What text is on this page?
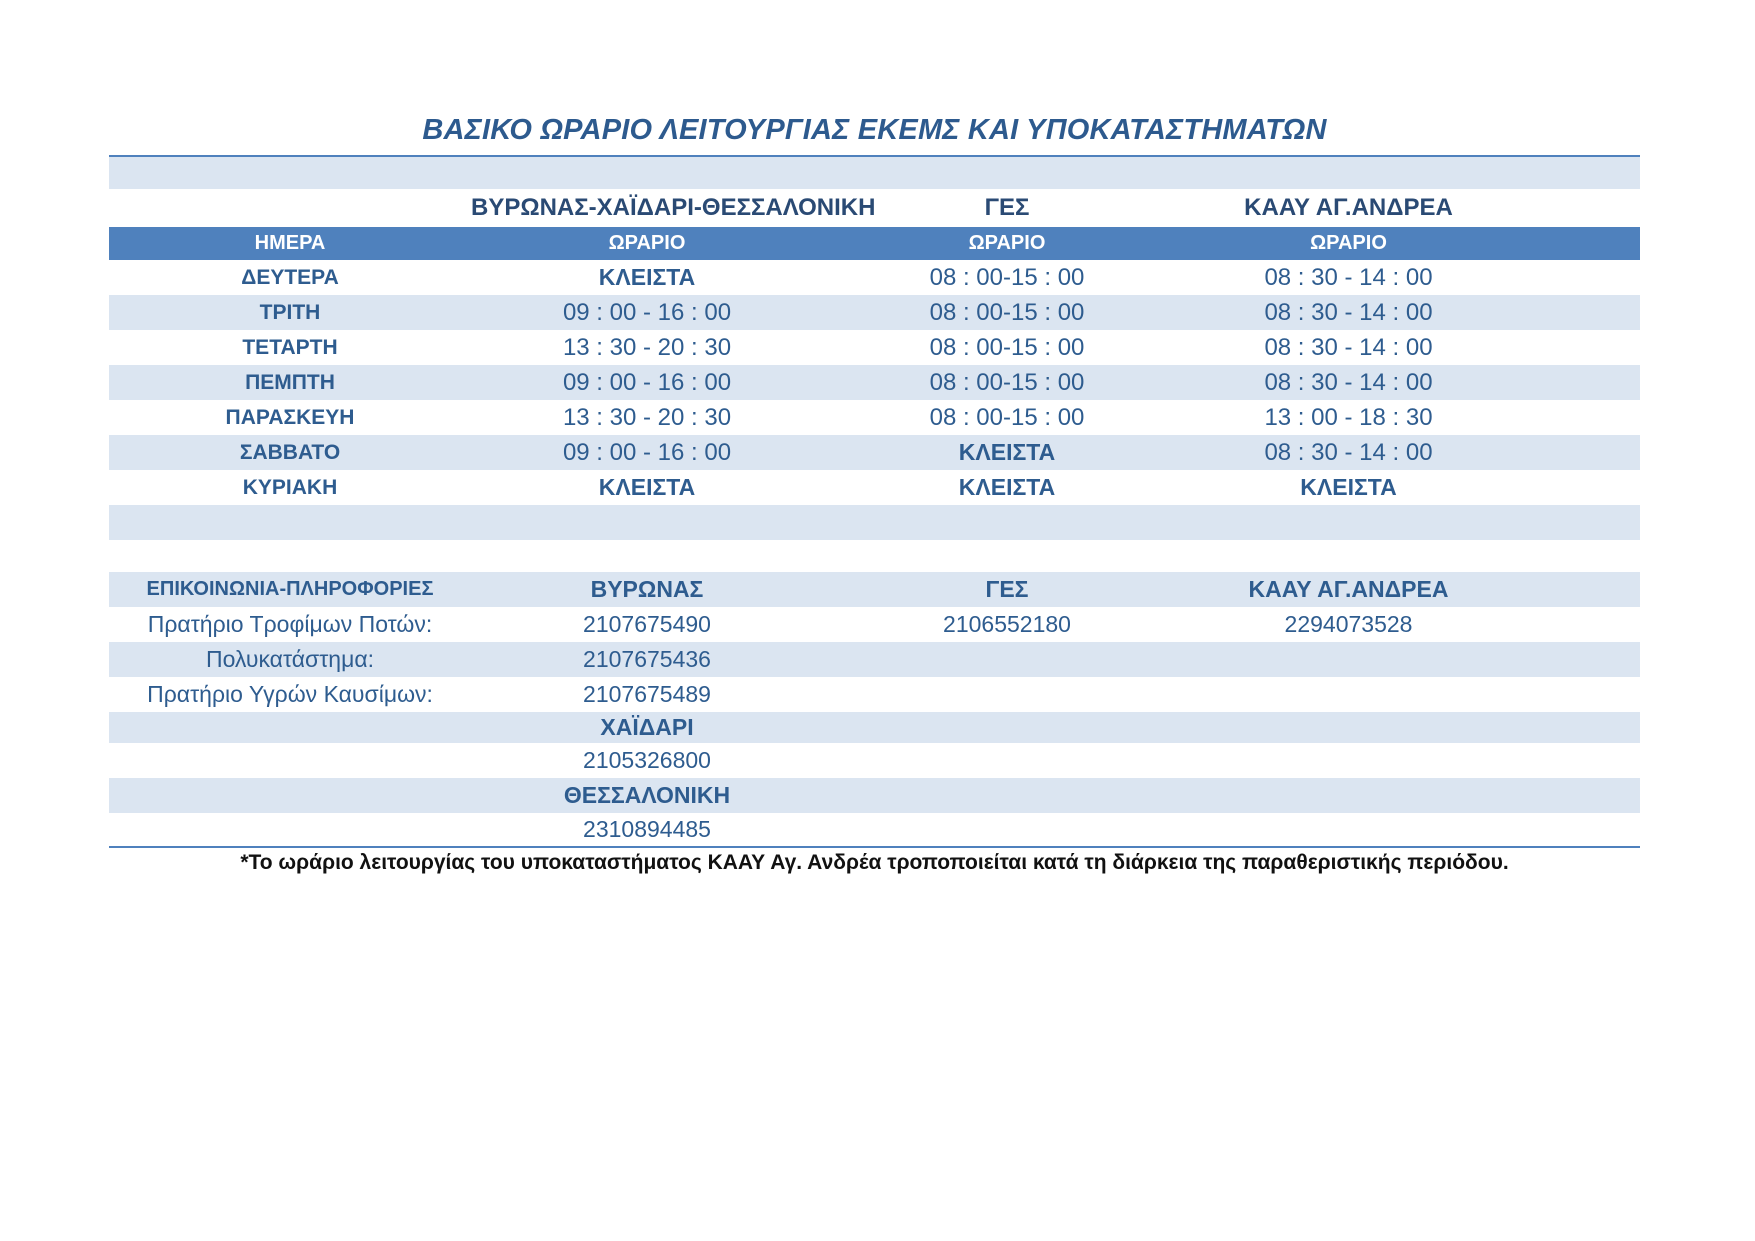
ΒΑΣΙΚΟ ΩΡΑΡΙΟ ΛΕΙΤΟΥΡΓΙΑΣ ΕΚΕΜΣ ΚΑΙ ΥΠΟΚΑΤΑΣΤΗΜΑΤΩΝ
ΒΥΡΩΝΑΣ-ΧΑΪΔΑΡΙ-ΘΕΣΣΑΛΟΝΙΚΗ	ΓΕΣ	ΚΑΑΥ ΑΓ.ΑΝΔΡΕΑ
ΗΜΕΡΑ	ΩΡΑΡΙΟ	ΩΡΑΡΙΟ	ΩΡΑΡΙΟ
ΔΕΥΤΕΡΑ	ΚΛΕΙΣΤΑ	08 : 00-15 : 00	08 : 30 - 14 : 00
ΤΡΙΤΗ	09 : 00 - 16 : 00	08 : 00-15 : 00	08 : 30 - 14 : 00
ΤΕΤΑΡΤΗ	13 : 30 - 20 : 30	08 : 00-15 : 00	08 : 30 - 14 : 00
ΠΕΜΠΤΗ	09 : 00 - 16 : 00	08 : 00-15 : 00	08 : 30 - 14 : 00
ΠΑΡΑΣΚΕΥΗ	13 : 30 - 20 : 30	08 : 00-15 : 00	13 : 00 - 18 : 30
ΣΑΒΒΑΤΟ	09 : 00 - 16 : 00	ΚΛΕΙΣΤΑ	08 : 30 - 14 : 00
ΚΥΡΙΑΚΗ	ΚΛΕΙΣΤΑ	ΚΛΕΙΣΤΑ	ΚΛΕΙΣΤΑ
ΕΠΙΚΟΙΝΩΝΙΑ-ΠΛΗΡΟΦΟΡΙΕΣ	ΒΥΡΩΝΑΣ	ΓΕΣ	ΚΑΑΥ ΑΓ.ΑΝΔΡΕΑ
Πρατήριο Τροφίμων Ποτών:	2107675490	2106552180	2294073528
Πολυκατάστημα:	2107675436
Πρατήριο Υγρών Καυσίμων:	2107675489
ΧΑΪΔΑΡΙ
2105326800
ΘΕΣΣΑΛΟΝΙΚΗ
2310894485
*Το ωράριο λειτουργίας του υποκαταστήματος ΚΑΑΥ Αγ. Ανδρέα τροποποιείται κατά τη διάρκεια της παραθεριστικής περιόδου.
